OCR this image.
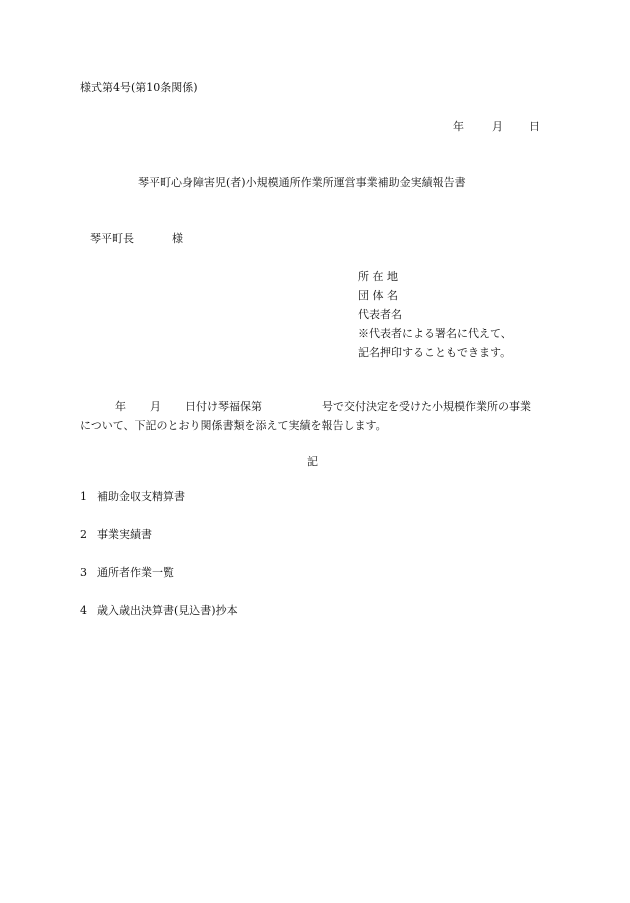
様式第4号(第10条関係)
年	月 日
琴平町心身障害児(者)小規模通所作業所運営事業補助金実績報告書
琴平町長	様
所 在 地
団 体 名
代表者名
※代表者による署名に代えて、
記名押印することもできます。
年 月 日付け琴福保第	号で交付決定を受けた小規模作業所の事業
について、下記のとおり関係書類を添えて実績を報告します。
記
1 補助金収支精算書
2 事業実績書
3 通所者作業一覧
4 歳入歳出決算書(見込書)抄本
